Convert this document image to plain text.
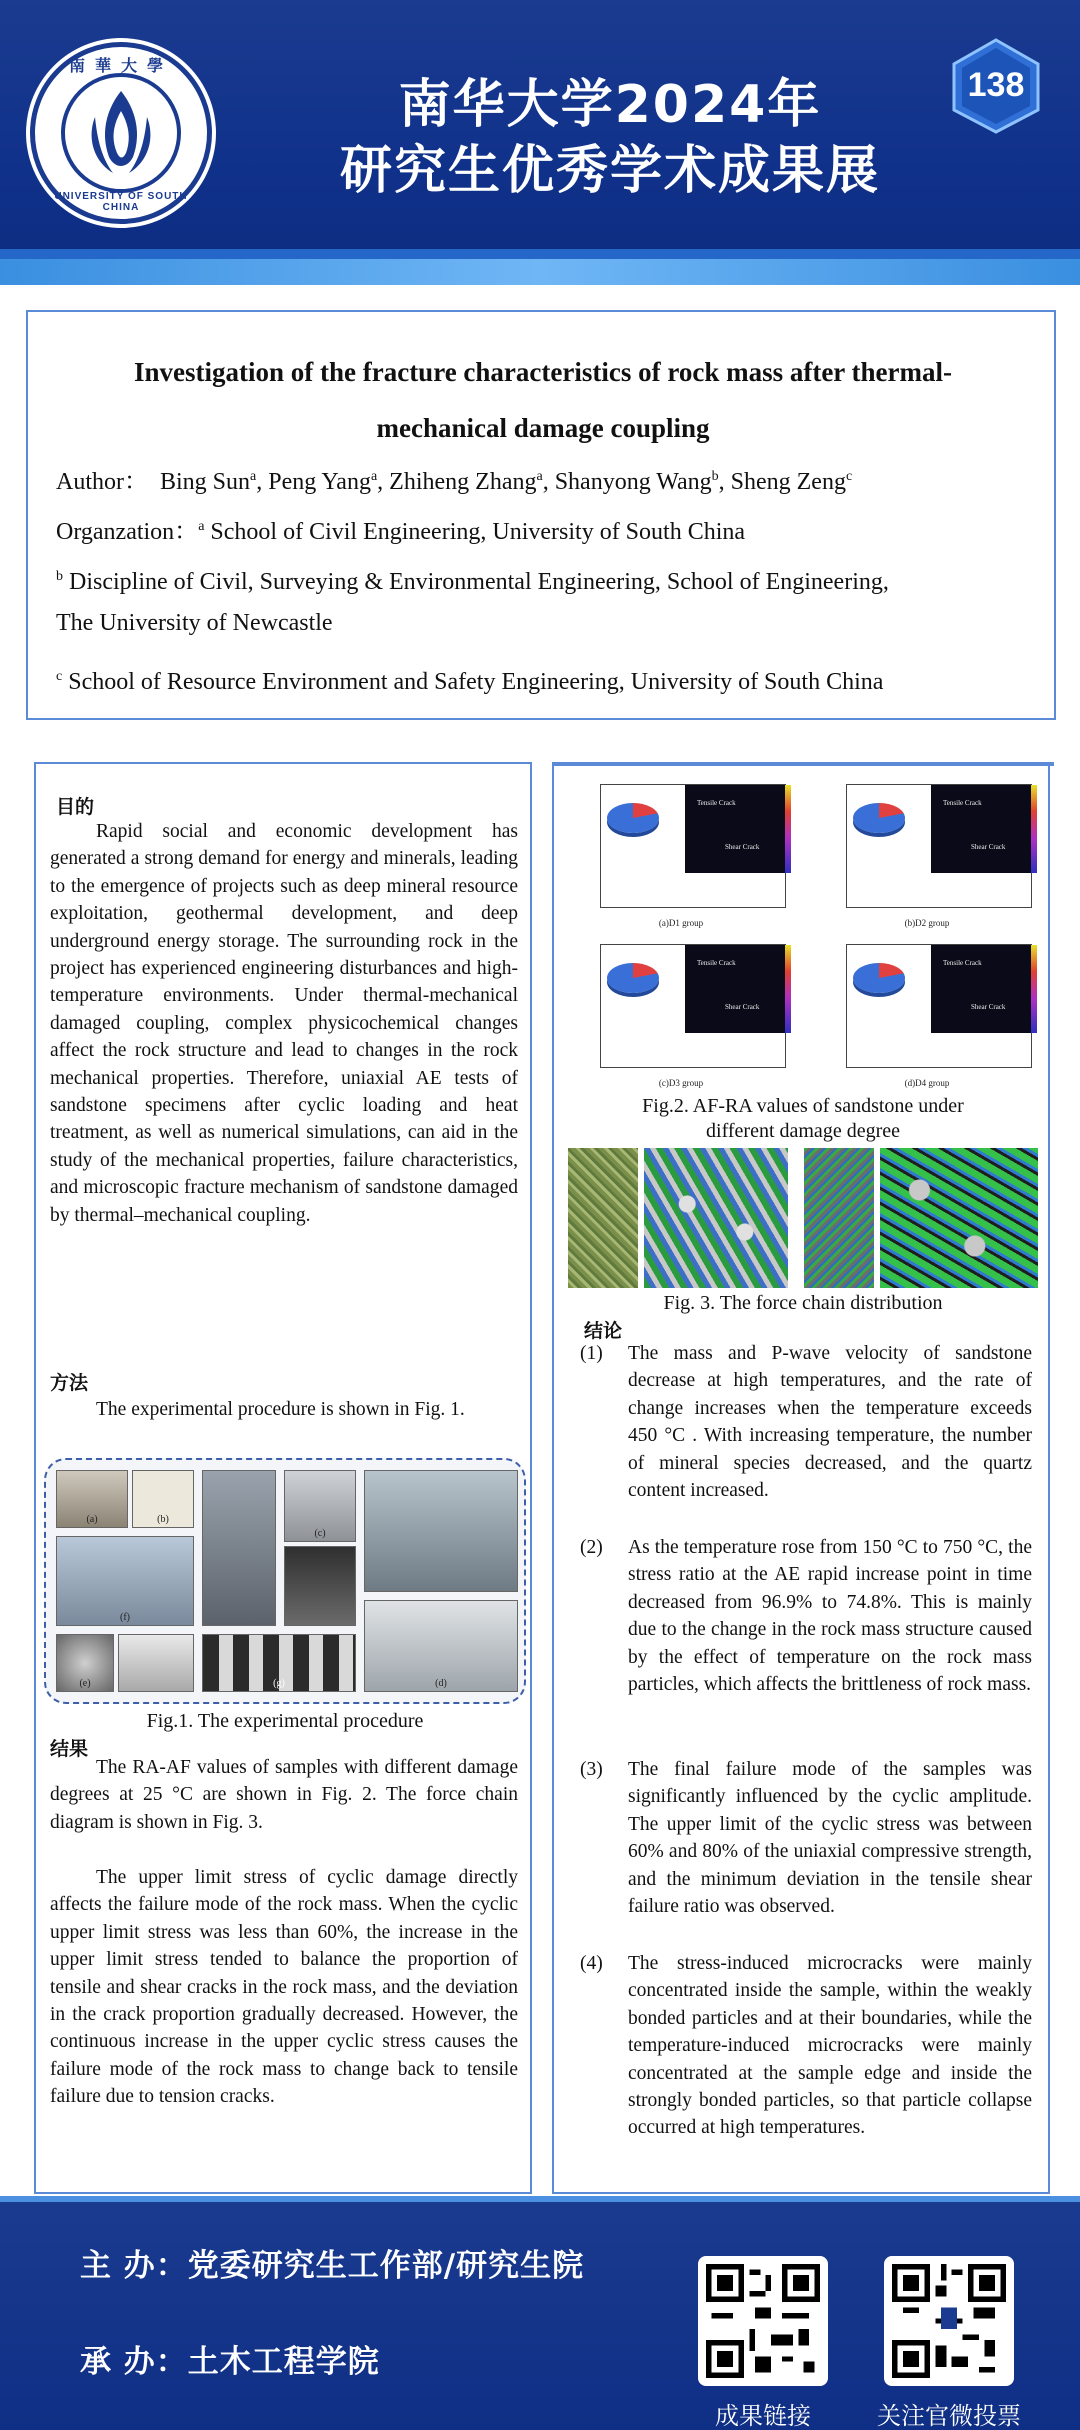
南華大學
UNIVERSITY OF SOUTH CHINA
南华大学2024年
研究生优秀学术成果展
138
Investigation of the fracture characteristics of rock mass after thermal-
mechanical damage coupling
Author： Bing Sun$^a$, Peng Yang$^a$, Zhiheng Zhang$^a$, Shanyong Wang$^b$, Sheng Zeng$^c$
Organzation：$^a$ School of Civil Engineering, University of South China
$^b$ Discipline of Civil, Surveying & Environmental Engineering, School of Engineering,
The University of Newcastle
$^c$ School of Resource Environment and Safety Engineering, University of South China
目的
Rapid social and economic development has generated a strong demand for energy and minerals, leading to the emergence of projects such as deep mineral resource exploitation, geothermal development, and deep underground energy storage. The surrounding rock in the project has experienced engineering disturbances and high-temperature environments. Under thermal-mechanical damaged coupling, complex physicochemical changes affect the rock structure and lead to changes in the rock mechanical properties. Therefore, uniaxial AE tests of sandstone specimens after cyclic loading and heat treatment, as well as numerical simulations, can aid in the study of the mechanical properties, failure characteristics, and microscopic fracture mechanism of sandstone damaged by thermal–mechanical coupling.
方法
The experimental procedure is shown in Fig. 1.
(a)	(b)
(f)
(c)
(e)	(g)	(d)
Fig.1. The experimental procedure
结果
The RA-AF values of samples with different damage degrees at 25 °C are shown in Fig. 2. The force chain diagram is shown in Fig. 3.
The upper limit stress of cyclic damage directly affects the failure mode of the rock mass. When the cyclic upper limit stress was less than 60%, the increase in the upper limit stress tended to balance the proportion of tensile and shear cracks in the rock mass, and the deviation in the crack proportion gradually decreased. However, the continuous increase in the upper cyclic stress causes the failure mode of the rock mass to change back to tensile failure due to tension cracks.
Tensile Crack
Shear Crack
(a)D1 group
Tensile Crack
Shear Crack
(b)D2 group
Tensile Crack
Shear Crack
(c)D3 group
Tensile Crack
Shear Crack
(d)D4 group
Fig.2. AF-RA values of sandstone under
different damage degree
Fig. 3. The force chain distribution
结论
(1)	The mass and P-wave velocity of sandstone decrease at high temperatures, and the rate of change increases when the temperature exceeds 450 °C . With increasing temperature, the number of mineral species decreased, and the quartz content increased.
(2)	As the temperature rose from 150 °C to 750 °C, the stress ratio at the AE rapid increase point in time decreased from 96.9% to 74.8%. This is mainly due to the change in the rock mass structure caused by the effect of temperature on the rock mass particles, which affects the brittleness of rock mass.
(3)	The final failure mode of the samples was significantly influenced by the cyclic amplitude. The upper limit of the cyclic stress was between 60% and 80% of the uniaxial compressive strength, and the minimum deviation in the tensile shear failure ratio was observed.
(4)	The stress-induced microcracks were mainly concentrated inside the sample, within the weakly bonded particles and at their boundaries, while the temperature-induced microcracks were mainly concentrated at the sample edge and inside the strongly bonded particles, so that particle collapse occurred at high temperatures.
主 办：党委研究生工作部/研究生院
承 办：土木工程学院
成果链接	关注官微投票
